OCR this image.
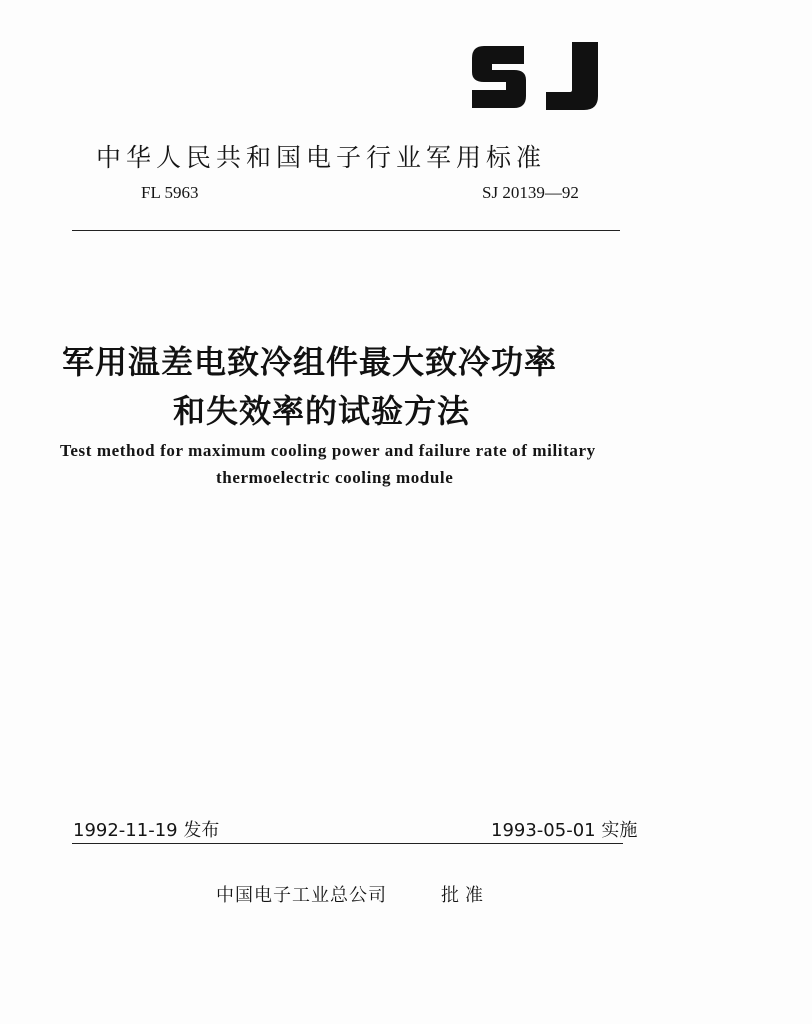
中华人民共和国电子行业军用标准
FL 5963	SJ 20139—92
军用温差电致冷组件最大致冷功率
和失效率的试验方法
Test method for maximum cooling power and failure rate of military
thermoelectric cooling module
1992-11-19 发布	1993-05-01 实施
中国电子工业总公司	批准
